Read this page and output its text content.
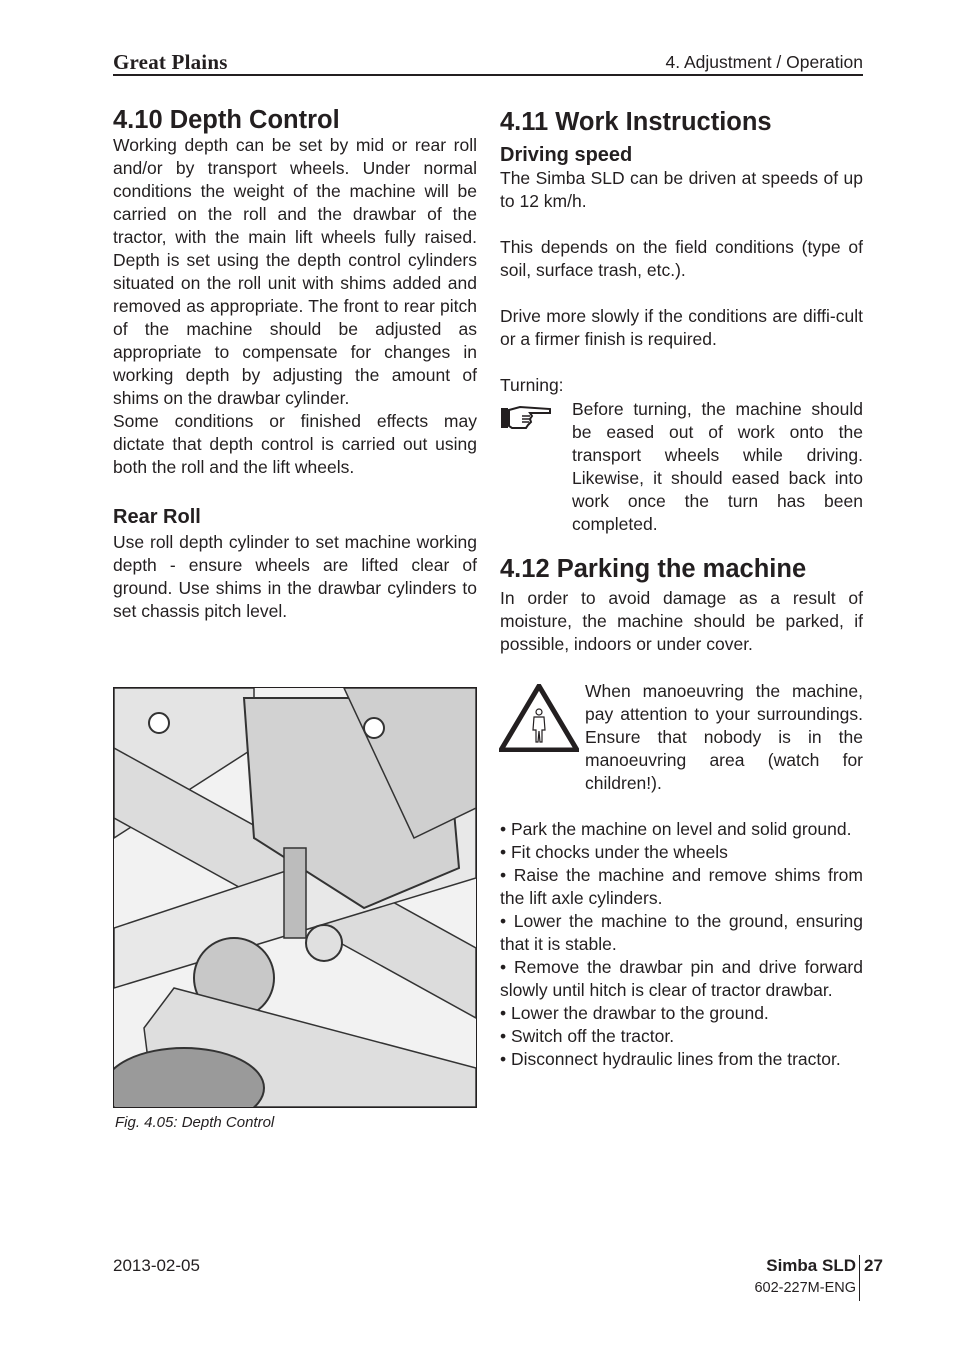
Great Plains	4. Adjustment / Operation
4.10 Depth Control

Working depth can be set by mid or rear roll and/or by transport wheels. Under normal conditions the weight of the machine will be carried on the roll and the drawbar of the tractor, with the main lift wheels fully raised. Depth is set using the depth control cylinders situated on the roll unit with shims added and removed as appropriate. The front to rear pitch of the machine should be adjusted as appropriate to compensate for changes in working depth by adjusting the amount of shims on the drawbar cylinder.

Some conditions or finished effects may dictate that depth control is carried out using both the roll and the lift wheels.

Rear Roll

Use roll depth cylinder to set machine working depth - ensure wheels are lifted clear of ground. Use shims in the drawbar cylinders to set chassis pitch level.

Fig. 4.05: Depth Control
4.11 Work Instructions
Driving speed

The Simba SLD can be driven at speeds of up to 12 km/h.

This depends on the field conditions (type of soil, surface trash, etc.).

Drive more slowly if the conditions are diffi-cult or a firmer finish is required.

Turning:

Before turning, the machine should be eased out of work onto the transport wheels while driving. Likewise, it should eased back into work once the turn has been completed.

4.12 Parking the machine

In order to avoid damage as a result of moisture, the machine should be parked, if possible, indoors or under cover.

When manoeuvring the machine, pay attention to your surroundings. Ensure that nobody is in the manoeuvring area (watch for children!).

• Park the machine on level and solid ground.
• Fit chocks under the wheels
• Raise the machine and remove shims from the lift axle cylinders.
• Lower the machine to the ground, ensuring that it is stable.
• Remove the drawbar pin and drive forward slowly until hitch is clear of tractor drawbar.
• Lower the drawbar to the ground.
• Switch off the tractor.
• Disconnect hydraulic lines from the tractor.
2013-02-05	Simba SLD 27
602-227M-ENG
